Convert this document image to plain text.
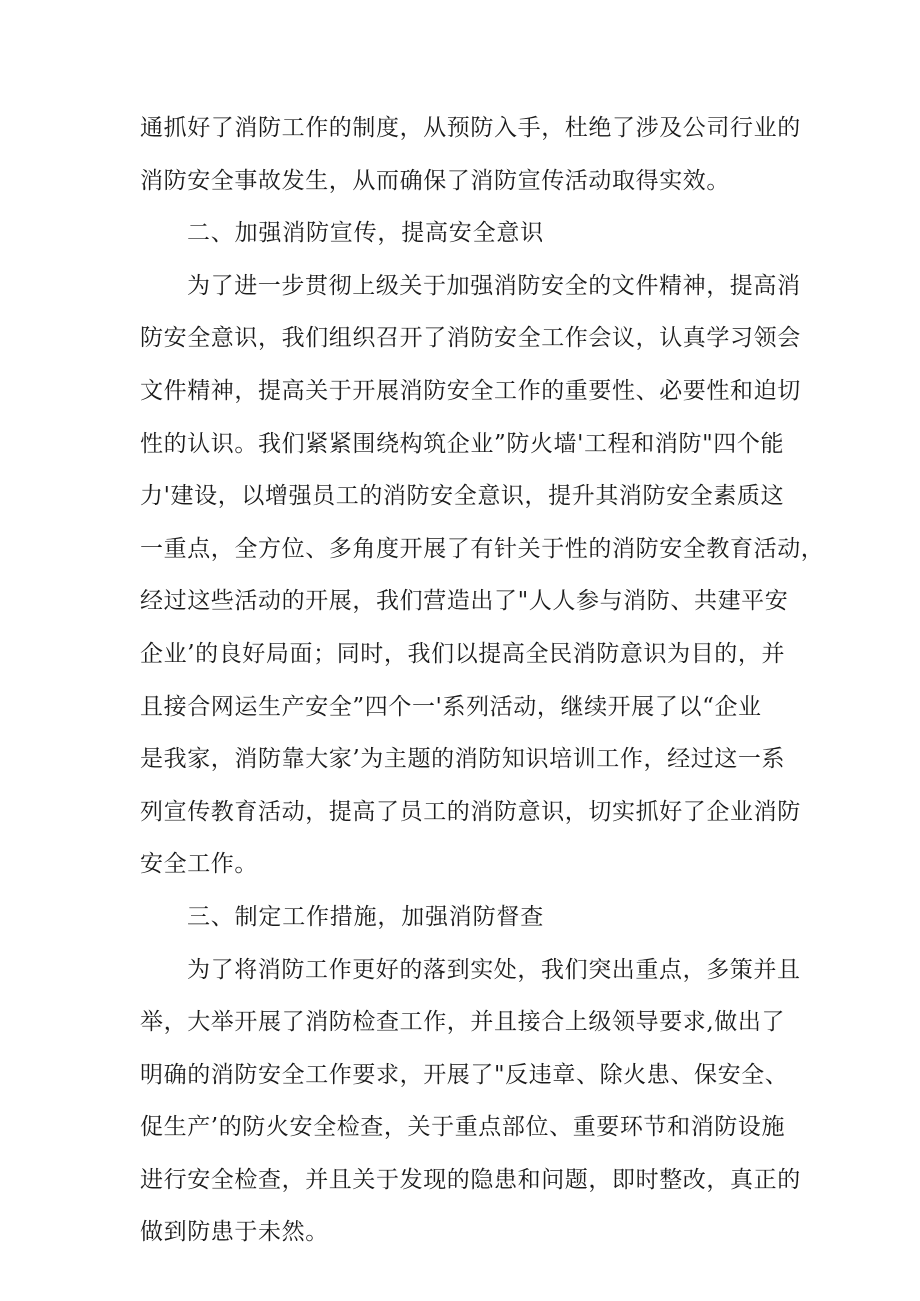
通抓好了消防工作的制度，从预防入手，杜绝了涉及公司行业的
消防安全事故发生，从而确保了消防宣传活动取得实效。
二、加强消防宣传，提高安全意识
为了进一步贯彻上级关于加强消防安全的文件精神，提高消
防安全意识，我们组织召开了消防安全工作会议，认真学习领会
文件精神，提高关于开展消防安全工作的重要性、必要性和迫切
性的认识。我们紧紧围绕构筑企业”防火墙'工程和消防"四个能
力'建设，以增强员工的消防安全意识，提升其消防安全素质这
一重点，全方位、多角度开展了有针关于性的消防安全教育活动，
经过这些活动的开展，我们营造出了"人人参与消防、共建平安
企业’的良好局面；同时，我们以提高全民消防意识为目的，并
且接合网运生产安全”四个一'系列活动，继续开展了以“企业
是我家，消防靠大家’为主题的消防知识培训工作，经过这一系
列宣传教育活动，提高了员工的消防意识，切实抓好了企业消防
安全工作。
三、制定工作措施，加强消防督查
为了将消防工作更好的落到实处，我们突出重点，多策并且
举，大举开展了消防检查工作，并且接合上级领导要求,做出了
明确的消防安全工作要求，开展了"反违章、除火患、保安全、
促生产’的防火安全检查，关于重点部位、重要环节和消防设施
进行安全检查，并且关于发现的隐患和问题，即时整改，真正的
做到防患于未然。
